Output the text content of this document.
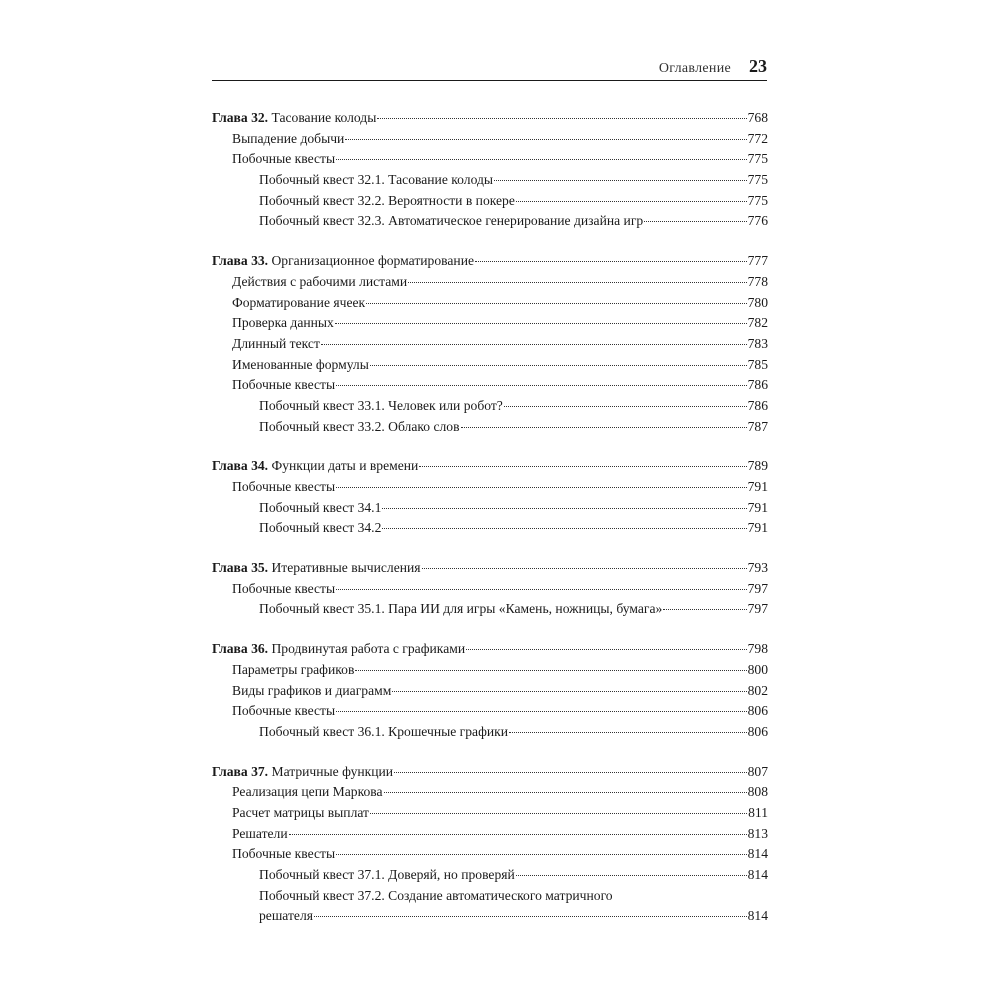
Оглавление 23
Глава 32. Тасование колоды	768
Выпадение добычи	772
Побочные квесты	775
Побочный квест 32.1. Тасование колоды	775
Побочный квест 32.2. Вероятности в покере	775
Побочный квест 32.3. Автоматическое генерирование дизайна игр	776
Глава 33. Организационное форматирование	777
Действия с рабочими листами	778
Форматирование ячеек	780
Проверка данных	782
Длинный текст	783
Именованные формулы	785
Побочные квесты	786
Побочный квест 33.1. Человек или робот?	786
Побочный квест 33.2. Облако слов	787
Глава 34. Функции даты и времени	789
Побочные квесты	791
Побочный квест 34.1	791
Побочный квест 34.2	791
Глава 35. Итеративные вычисления	793
Побочные квесты	797
Побочный квест 35.1. Пара ИИ для игры «Камень, ножницы, бумага»	797
Глава 36. Продвинутая работа с графиками	798
Параметры графиков	800
Виды графиков и диаграмм	802
Побочные квесты	806
Побочный квест 36.1. Крошечные графики	806
Глава 37. Матричные функции	807
Реализация цепи Маркова	808
Расчет матрицы выплат	811
Решатели	813
Побочные квесты	814
Побочный квест 37.1. Доверяй, но проверяй	814
Побочный квест 37.2. Создание автоматического матричного
решателя	814
